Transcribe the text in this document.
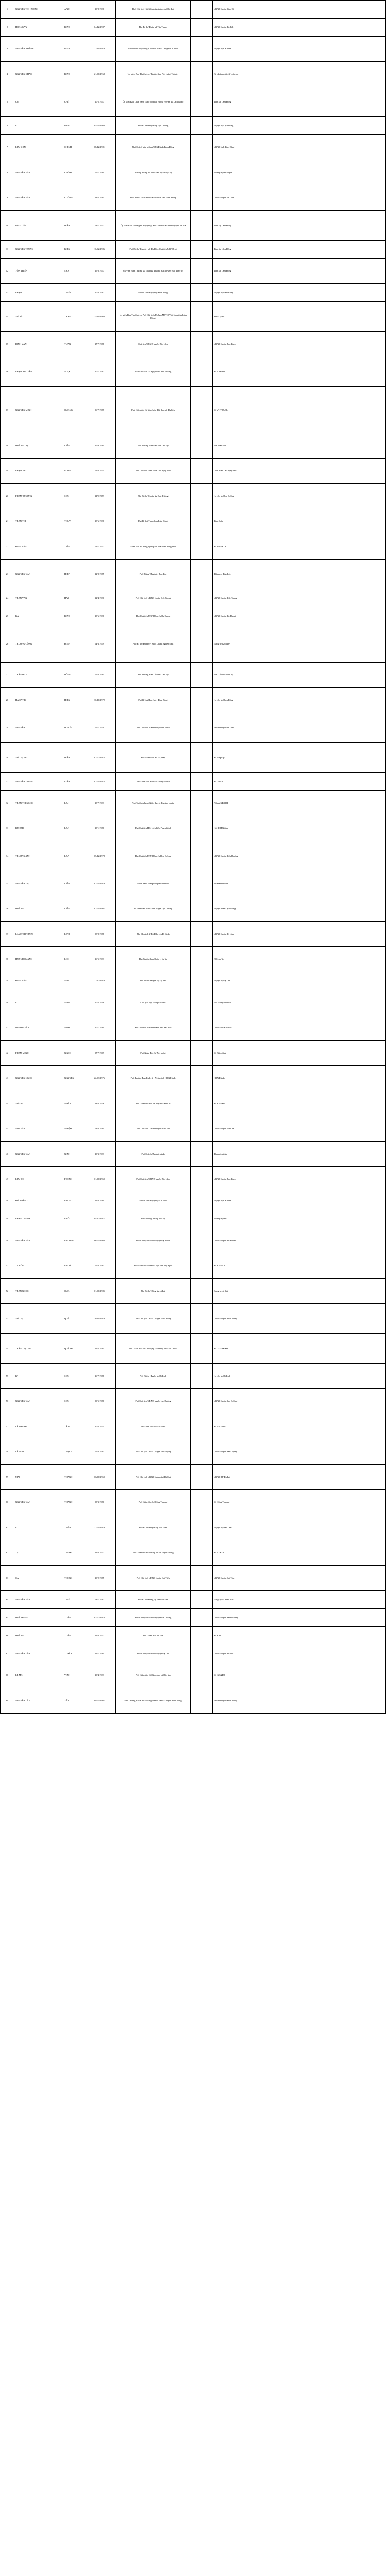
1	NGUYỄN THỊ HƯƠNG	ANH	20/8/1996	Phó Chủ tịch Hội Nông dân thành phố Đà Lạt		UBND huyện Lâm Hà
2	HOÀNG VÝ	BÌNH	04/12/1987	Phó Bí thư Đoàn xã Tân Thanh		UBND huyện Đạ Tẻh
3	NGUYỄN KHÁNH	BÌNH	27/10/1979	Phó Bí thư Huyện ủy, Chủ tịch UBND huyện Cát Tiên		Huyện ủy Cát Tiên
4	NGUYỄN KHẮC	BÌNH	21/01/1968	Ủy viên Ban Thường vụ, Trưởng ban Nội chính Tỉnh ủy		Bổ nhiệm mới giữ chức vụ
5	CÙ	CHỈ	10/5/1977	Ủy viên Ban Chấp hành Đảng bộ tỉnh, Bí thư Huyện ủy Lạc Dương		Tỉnh ủy Lâm Đồng
6	K'	BRIO	05/01/1983	Phó Bí thư Huyện ủy Lạc Dương		Huyện ủy Lạc Dương
7	LƯU VĂN	CHÍNH	08/12/1981	Phó Chánh Văn phòng UBND tỉnh Lâm Đồng		UBND tỉnh Lâm Đồng
8	NGUYỄN VĂN	CHÍNH	06/7/1980	Trưởng phòng Tổ chức cán bộ Sở Nội vụ		Phòng Nội vụ huyện
9	NGUYỄN VĂN	CƯỜNG	28/5/1984	Phó Bí thư Đoàn khối các cơ quan tỉnh Lâm Đồng		UBND huyện Di Linh
10	BÙI XUÂN	HIỀN	08/7/1977	Ủy viên Ban Thường vụ Huyện ủy, Phó Chủ tịch HĐND huyện Lâm Hà		Tỉnh ủy Lâm Đồng
11	NGUYỄN TRUNG	KIÊN	16/02/1986	Phó Bí thư Đảng ủy xã Đạ Đờn, Chủ tịch UBND xã		Tỉnh ủy Lâm Đồng
12	TÔN THIỆN	SAN	26/8/1977	Ủy viên Ban Thường vụ Tỉnh ủy, Trưởng Ban Tuyên giáo Tỉnh ủy		Tỉnh ủy Lâm Đồng
13	PHẠM	THIỆN	20/4/1982	Phó Bí thư Huyện ủy Đam Rông		Huyện ủy Đam Rông
14	VŨ HÀ	TRANG	15/10/1983	Ủy viên Ban Thường vụ, Phó Chủ tịch Ủy ban MTTQ Việt Nam tỉnh Lâm Đồng		MTTQ tỉnh
15	ĐINH VĂN	TUẤN	17/7/1978	Chủ tịch UBND huyện Bảo Lâm		UBND huyện Bảo Lâm
16	PHẠM NGUYÊN	NGỌC	20/7/1982	Giám đốc Sở Tài nguyên và Môi trường		Sở TN&MT
17	NGUYỄN MINH	QUANG	06/7/1977	Phó Giám đốc Sở Văn hóa, Thể thao và Du lịch		Sở VHTT&DL
18	HOÀNG THỊ	LIÊN	27/9/1981	Phó Trưởng Ban Dân vận Tỉnh ủy		Ban Dân vận
19	PHẠM THỊ	LOAN	02/8/1974	Phó Chủ tịch Liên đoàn Lao động tỉnh		Liên đoàn Lao động tỉnh
20	PHẠM TRƯỜNG	SƠN	11/9/1979	Phó Bí thư Huyện ủy Đơn Dương		Huyện ủy Đơn Dương
21	TRẦN THỊ	THÙY	18/6/1986	Phó Bí thư Tỉnh đoàn Lâm Đồng		Tỉnh đoàn
22	ĐINH VĂN	TIẾN	01/7/1972	Giám đốc Sở Nông nghiệp và Phát triển nông thôn		Sở NN&PTNT
23	NGUYỄN VĂN	HIỆP	22/8/1975	Phó Bí thư Thành ủy Bảo Lộc		Thành ủy Bảo Lộc
24	TRẦN VĂN	HẢI	12/4/1980	Phó Chủ tịch UBND huyện Đức Trọng		UBND huyện Đức Trọng
25	KA	BÌNH	23/6/1986	Phó Chủ tịch UBND huyện Đạ Huoai		UBND huyện Đạ Huoai
26	TRƯƠNG CÔNG	ĐỊNH	04/3/1979	Phó Bí thư Đảng ủy Khối Doanh nghiệp tỉnh		Đảng ủy Khối DN
27	TRẦN HUY	HÙNG	09/4/1984	Phó Trưởng Ban Tổ chức Tỉnh ủy		Ban Tổ chức Tỉnh ủy
28	HA CẮT R'	HIÊN	30/10/1972	Phó Bí thư Huyện ủy Đam Rông		Huyện ủy Đam Rông
29	NGUYỄN	HUYÊN	06/7/1979	Phó Chủ tịch HĐND huyện Di Linh		HĐND huyện Di Linh
30	VÕ THỊ THU	HIỀN	01/02/1975	Phó Giám đốc Sở Tư pháp		Sở Tư pháp
31	NGUYỄN TRUNG	KIÊN	02/01/1972	Phó Giám đốc Sở Giao thông vận tải		Sở GTVT
32	TRẦN THỊ NGỌC	LÀI	28/7/1983	Phó Trưởng phòng Giáo dục và Đào tạo huyện		Phòng GD&ĐT
33	BÙI THỊ	LAN	23/1/1976	Phó Chủ tịch Hội Liên hiệp Phụ nữ tỉnh		Hội LHPN tỉnh
34	TRƯƠNG ANH	LẬP	05/12/1978	Phó Chủ tịch UBND huyện Đơn Dương		UBND huyện Đơn Dương
35	NGUYỄN THỊ	LIÊM	01/01/1979	Phó Chánh Văn phòng HĐND tỉnh		VP HĐND tỉnh
36	HOÀNG	LIÊN	01/01/1987	Bí thư Đoàn thanh niên huyện Lạc Dương		Huyện đoàn Lạc Dương
37	LÂM THỊ PHƯỚC	LINH	08/8/1978	Phó Chủ tịch UBND huyện Di Linh		UBND huyện Di Linh
38	HUỲNH QUANG	LỘC	26/5/1983	Phó Trưởng ban Quản lý dự án		BQL dự án
39	ĐINH VĂN	MAI	21/12/1979	Phó Bí thư Huyện ủy Đạ Tẻh		Huyện ủy Đạ Tẻh
40	K'	MAR	10/2/1968	Chủ tịch Hội Nông dân tỉnh		Hội Nông dân tỉnh
41	DƯƠNG VĂN	NAM	20/1/1980	Phó Chủ tịch UBND thành phố Bảo Lộc		UBND TP Bảo Lộc
42	PHẠM MINH	NGỌC	07/7/1969	Phó Giám đốc Sở Xây dựng		Sở Xây dựng
43	NGUYỄN NGỌC	NGUYÊN	22/03/1976	Phó Trưởng Ban Kinh tế - Ngân sách HĐND tỉnh		HĐND tỉnh
44	VÕ ĐỨC	NHÂN	24/3/1976	Phó Giám đốc Sở Kế hoạch và Đầu tư		Sở KH&ĐT
45	MAI VĂN	NHIỆM	04/8/1981	Phó Chủ tịch UBND huyện Lâm Hà		UBND huyện Lâm Hà
46	NGUYỄN VĂN	NINH	20/3/1983	Phó Chánh Thanh tra tỉnh		Thanh tra tỉnh
47	LƯU HỒ	PHONG	01/11/1969	Phó Chủ tịch UBND huyện Bảo Lâm		UBND huyện Bảo Lâm
48	ĐỖ HOÀNG	PHONG	12/4/1980	Phó Bí thư Huyện ủy Cát Tiên		Huyện ủy Cát Tiên
49	PHAN THANH	PHÚY	04/12/1977	Phó Trưởng phòng Nội vụ		Phòng Nội vụ
50	NGUYỄN VĂN	PHƯƠNG	06/05/1983	Phó Chủ tịch UBND huyện Đạ Huoai		UBND huyện Đạ Huoai
51	TA HỮU	PHƯỚC	05/3/1983	Phó Giám đốc Sở Khoa học và Công nghệ		Sở KH&CN
52	TRẦN NGỌC	QUẢ	01/01/1985	Phó Bí thư Đảng ủy xã Lát		Đảng ủy xã Lát
53	VÕ THỊ	QUÍ	10/10/1979	Phó Chủ tịch UBND huyện Đam Rông		UBND huyện Đam Rông
54	TRẦN THỊ THU	QUỲNH	12/2/1984	Phó Giám đốc Sở Lao động - Thương binh và Xã hội		Sở LĐTB&XH
55	K'	SƠN	26/7/1978	Phó Bí thư Huyện ủy Di Linh		Huyện ủy Di Linh
56	NGUYỄN VĂN	SƠN	09/5/1976	Phó Chủ tịch UBND huyện Lạc Dương		UBND huyện Lạc Dương
57	LÊ THANH	TÂM	20/6/1974	Phó Giám đốc Sở Tài chính		Sở Tài chính
58	LÊ NGỌC	THẠCH	05/4/1983	Phó Chủ tịch UBND huyện Đức Trọng		UBND huyện Đức Trọng
59	MAI	THÀNH	06/11/1969	Phó Chủ tịch UBND thành phố Đà Lạt		UBND TP Đà Lạt
60	NGUYỄN VĂN	THANH	03/3/1970	Phó Giám đốc Sở Công Thương		Sở Công Thương
61	K'	THÉO	12/01/1979	Phó Bí thư Huyện ủy Bảo Lâm		Huyện ủy Bảo Lâm
62	TẠ	THỊNH	21/8/1977	Phó Giám đốc Sở Thông tin và Truyền thông		Sở TT&TT
63	CA	THÔNG	20/2/1975	Phó Chủ tịch UBND huyện Cát Tiên		UBND huyện Cát Tiên
64	NGUYỄN VĂN	THIỆU	04/7/1987	Phó Bí thư Đảng ủy xã Đinh Văn		Đảng ủy xã Đinh Văn
65	HUỲNH MẠC	TUẤN	03/02/1974	Phó Chủ tịch UBND huyện Đơn Dương		UBND huyện Đơn Dương
66	HOÀNG	TUẤN	12/8/1972	Phó Giám đốc Sở Y tế		Sở Y tế
67	NGUYỄN TẤN	TUYỀN	12/7/1981	Phó Chủ tịch UBND huyện Đạ Tẻh		UBND huyện Đạ Tẻh
68	LÊ MAI	VĨNH	20/4/1983	Phó Giám đốc Sở Giáo dục và Đào tạo		Sở GD&ĐT
69	NGUYỄN LÂM	YÊN	09/05/1987	Phó Trưởng Ban Kinh tế - Ngân sách HĐND huyện Đam Rông		HĐND huyện Đam Rông
